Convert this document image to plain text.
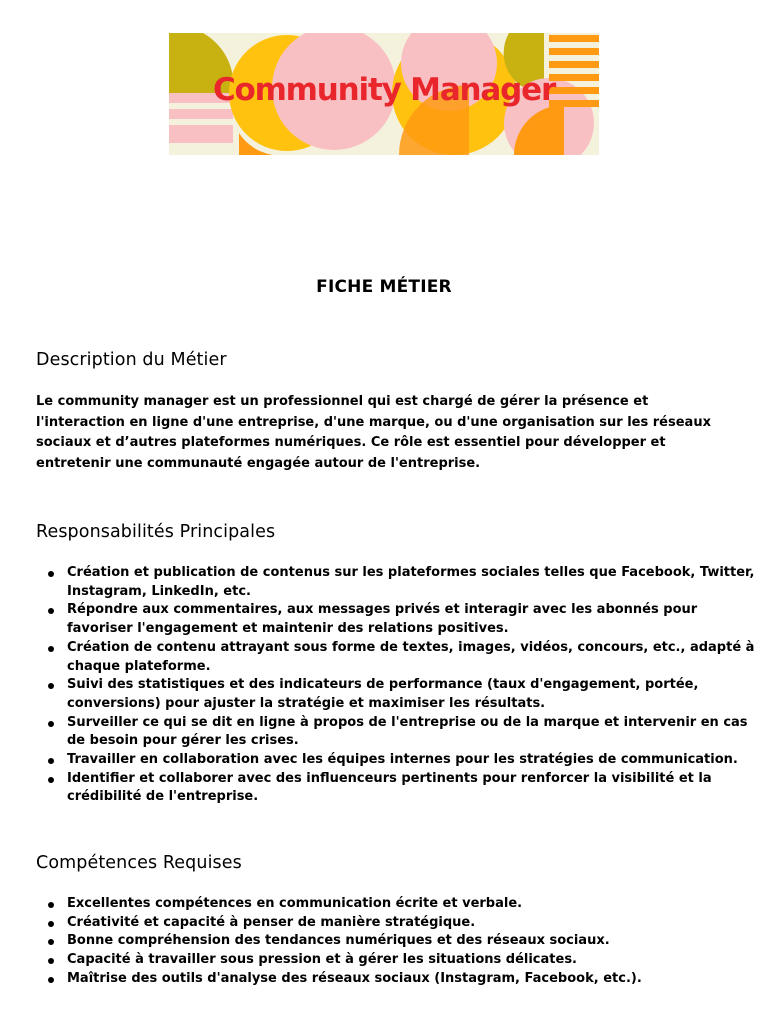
Community Manager
FICHE MÉTIER
Description du Métier

Le community manager est un professionnel qui est chargé de gérer la présence et l'interaction en ligne d'une entreprise, d'une marque, ou d'une organisation sur les réseaux sociaux et d’autres plateformes numériques. Ce rôle est essentiel pour développer et entretenir une communauté engagée autour de l'entreprise.

Responsabilités Principales
Création et publication de contenus sur les plateformes sociales telles que Facebook, Twitter, Instagram, LinkedIn, etc.
Répondre aux commentaires, aux messages privés et interagir avec les abonnés pour favoriser l'engagement et maintenir des relations positives.
Création de contenu attrayant sous forme de textes, images, vidéos, concours, etc., adapté à chaque plateforme.
Suivi des statistiques et des indicateurs de performance (taux d'engagement, portée, conversions) pour ajuster la stratégie et maximiser les résultats.
Surveiller ce qui se dit en ligne à propos de l'entreprise ou de la marque et intervenir en cas de besoin pour gérer les crises.
Travailler en collaboration avec les équipes internes pour les stratégies de communication.
Identifier et collaborer avec des influenceurs pertinents pour renforcer la visibilité et la crédibilité de l'entreprise.
Compétences Requises
Excellentes compétences en communication écrite et verbale.
Créativité et capacité à penser de manière stratégique.
Bonne compréhension des tendances numériques et des réseaux sociaux.
Capacité à travailler sous pression et à gérer les situations délicates.
Maîtrise des outils d'analyse des réseaux sociaux (Instagram, Facebook, etc.).
